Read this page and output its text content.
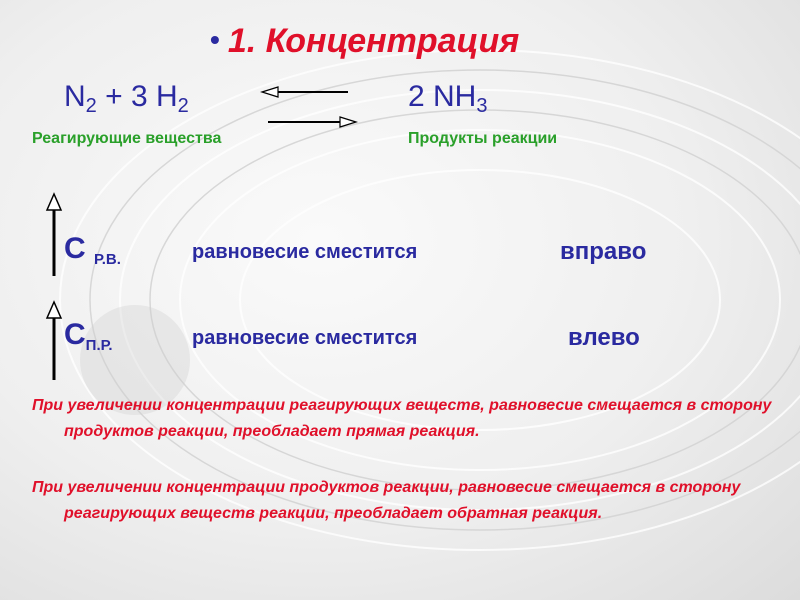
• 1. Концентрация
$N_2 + 3$ $H_2$	2 $NH_3$
Реагирующие вещества	Продукты реакции
С $_{Р.В.}$	равновесие сместится	вправо
$С_{П.Р.}$	равновесие сместится	влево
При увеличении концентрации реагирующих веществ, равновесие смещается в сторону продуктов реакции, преобладает прямая реакция.
При увеличении концентрации продуктов реакции, равновесие смещается в сторону реагирующих веществ реакции, преобладает обратная реакция.
